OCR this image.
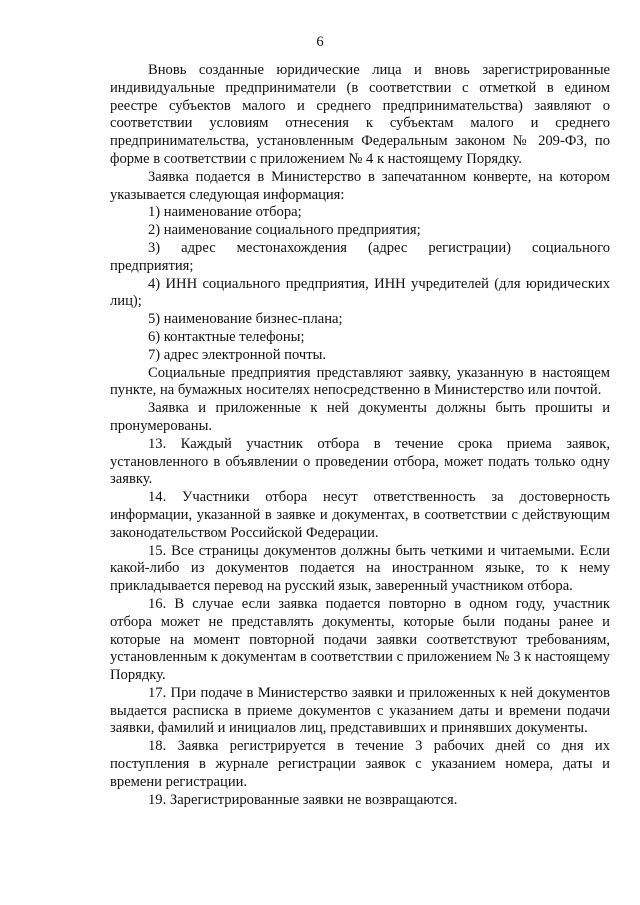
6

Вновь созданные юридические лица и вновь зарегистрированные индивидуальные предприниматели (в соответствии с отметкой в едином реестре субъектов малого и среднего предпринимательства) заявляют о соответствии условиям отнесения к субъектам малого и среднего предпринимательства, установленным Федеральным законом № 209-ФЗ, по форме в соответствии с приложением № 4 к настоящему Порядку.

Заявка подается в Министерство в запечатанном конверте, на котором указывается следующая информация:

1) наименование отбора;

2) наименование социального предприятия;

3) адрес местонахождения (адрес регистрации) социального предприятия;

4) ИНН социального предприятия, ИНН учредителей (для юридических лиц);

5) наименование бизнес-плана;

6) контактные телефоны;

7) адрес электронной почты.

Социальные предприятия представляют заявку, указанную в настоящем пункте, на бумажных носителях непосредственно в Министерство или почтой.

Заявка и приложенные к ней документы должны быть прошиты и пронумерованы.

13. Каждый участник отбора в течение срока приема заявок, установленного в объявлении о проведении отбора, может подать только одну заявку.

14. Участники отбора несут ответственность за достоверность информации, указанной в заявке и документах, в соответствии с действующим законодательством Российской Федерации.

15. Все страницы документов должны быть четкими и читаемыми. Если какой-либо из документов подается на иностранном языке, то к нему прикладывается перевод на русский язык, заверенный участником отбора.

16. В случае если заявка подается повторно в одном году, участник отбора может не представлять документы, которые были поданы ранее и которые на момент повторной подачи заявки соответствуют требованиям, установленным к документам в соответствии с приложением № 3 к настоящему Порядку.

17. При подаче в Министерство заявки и приложенных к ней документов выдается расписка в приеме документов с указанием даты и времени подачи заявки, фамилий и инициалов лиц, представивших и принявших документы.

18. Заявка регистрируется в течение 3 рабочих дней со дня их поступления в журнале регистрации заявок с указанием номера, даты и времени регистрации.

19. Зарегистрированные заявки не возвращаются.
